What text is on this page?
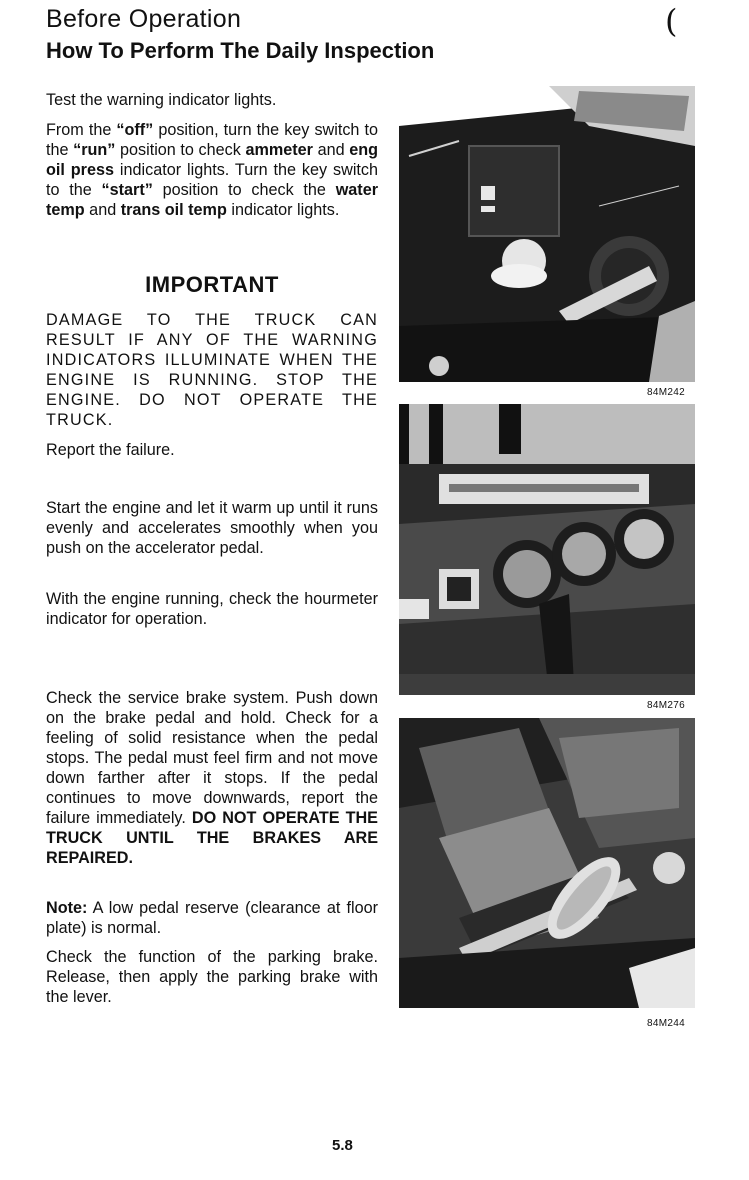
Before Operation
How To Perform The Daily Inspection
(

Test the warning indicator lights.

From the “off” position, turn the key switch to the “run” position to check ammeter and eng oil press indicator lights. Turn the key switch to the “start” position to check the water temp and trans oil temp indicator lights.

IMPORTANT

DAMAGE TO THE TRUCK CAN RESULT IF ANY OF THE WARNING INDICATORS ILLUMINATE WHEN THE ENGINE IS RUNNING. STOP THE ENGINE. DO NOT OPERATE THE TRUCK.

Report the failure.

Start the engine and let it warm up until it runs evenly and accelerates smoothly when you push on the accelerator pedal.

With the engine running, check the hourmeter indicator for operation.

Check the service brake system. Push down on the brake pedal and hold. Check for a feeling of solid resistance when the pedal stops. The pedal must feel firm and not move down farther after it stops. If the pedal continues to move downwards, report the failure immediately. DO NOT OPERATE THE TRUCK UNTIL THE BRAKES ARE REPAIRED.

Note: A low pedal reserve (clearance at floor plate) is normal.

Check the function of the parking brake. Release, then apply the parking brake with the lever.

84M242
84M276
84M244
5.8
